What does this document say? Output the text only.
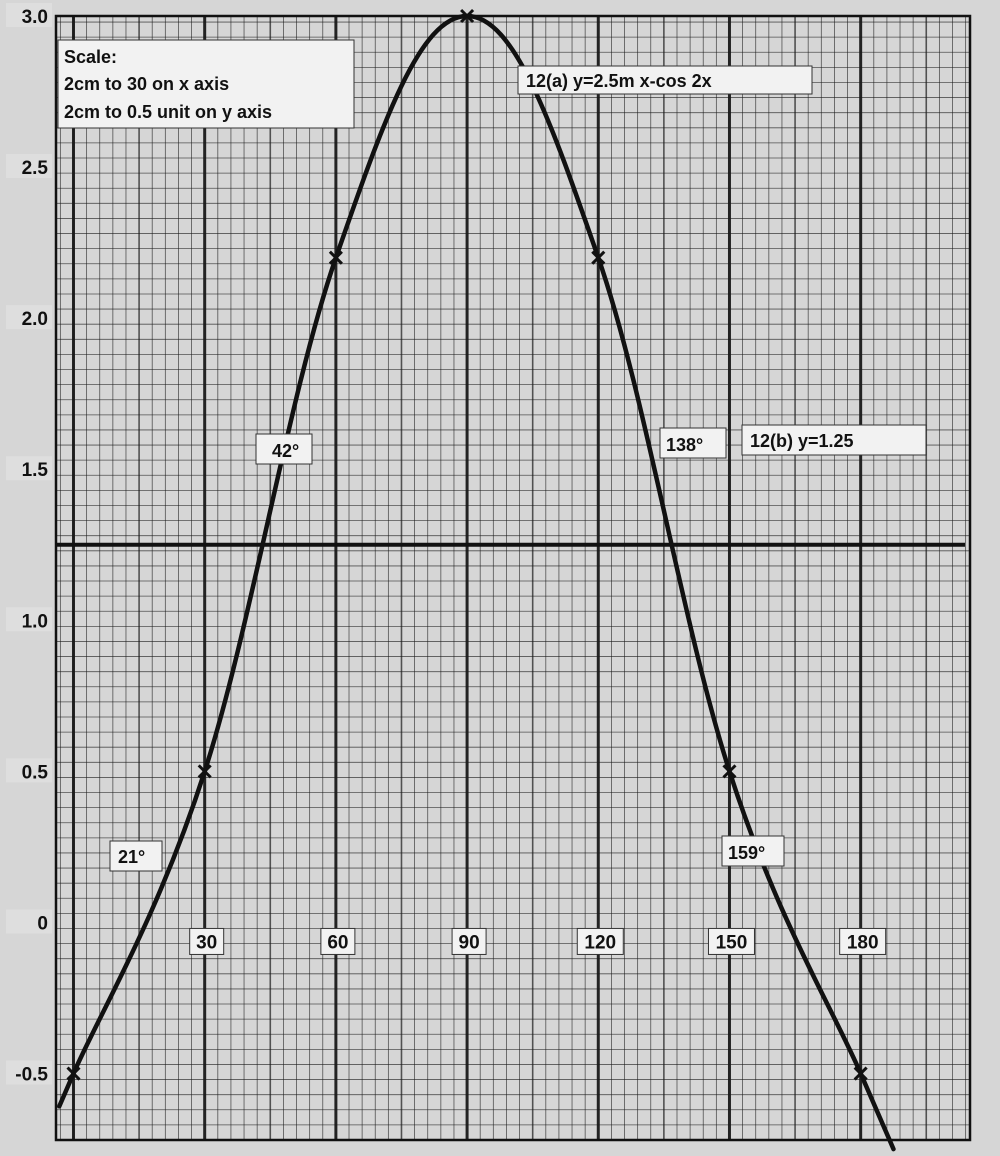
Scale:
2cm to 30 on x axis
2cm to 0.5 unit on y axis
12(a) y=2.5m x-cos 2x
12(b) y=1.25
21°
42°	138°
159°
3.0
2.5
2.0
1.5
1.0
0.5
0
-0.5
30	60	90	120	150	180
